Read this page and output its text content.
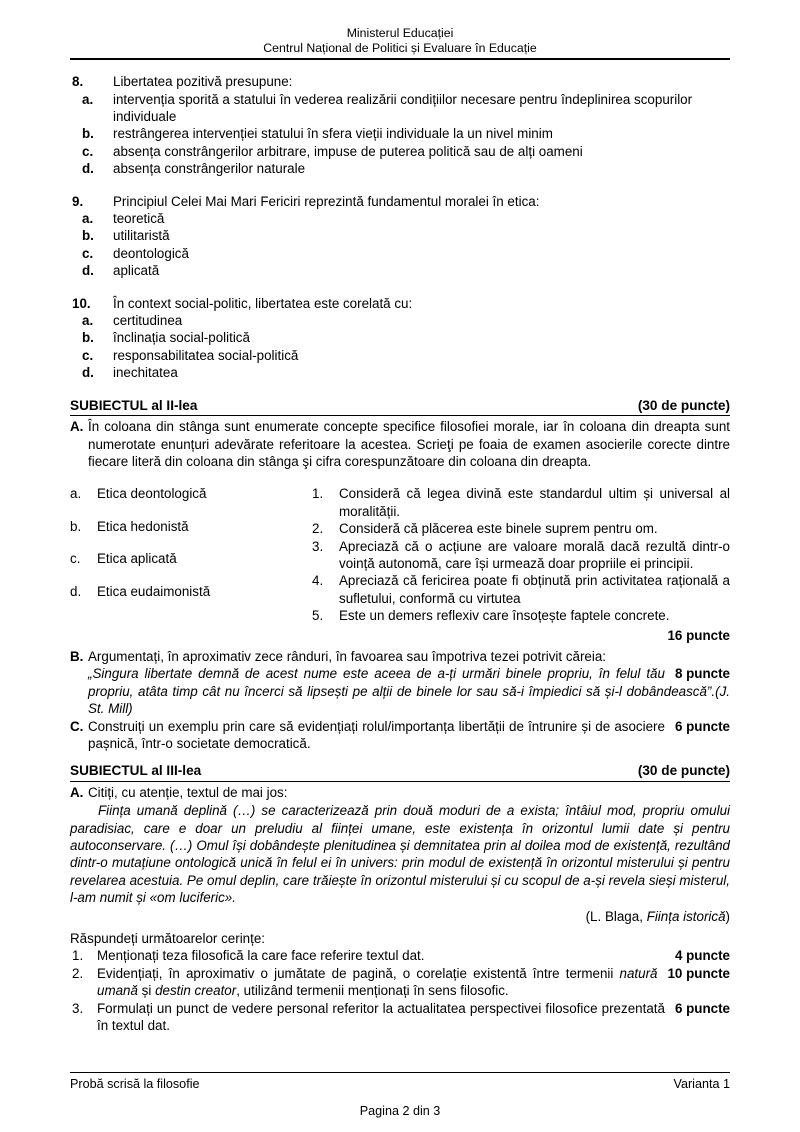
Ministerul Educației
Centrul Național de Politici și Evaluare în Educație
8. Libertatea pozitivă presupune:
a. intervenția sporită a statului în vederea realizării condițiilor necesare pentru îndeplinirea scopurilor individuale
b. restrângerea intervenției statului în sfera vieții individuale la un nivel minim
c. absența constrângerilor arbitrare, impuse de puterea politică sau de alți oameni
d. absența constrângerilor naturale
9. Principiul Celei Mai Mari Fericiri reprezintă fundamentul moralei în etica:
a. teoretică
b. utilitaristă
c. deontologică
d. aplicată
10. În context social-politic, libertatea este corelată cu:
a. certitudinea
b. înclinația social-politică
c. responsabilitatea social-politică
d. inechitatea
SUBIECTUL al II-lea	(30 de puncte)
A. În coloana din stânga sunt enumerate concepte specifice filosofiei morale, iar în coloana din dreapta sunt numerotate enunțuri adevărate referitoare la acestea. Scrieţi pe foaia de examen asocierile corecte dintre fiecare literă din coloana din stânga şi cifra corespunzătoare din coloana din dreapta.
a. Etica deontologică
b. Etica hedonistă
c. Etica aplicată
d. Etica eudaimonistă
1. Consideră că legea divină este standardul ultim și universal al moralității.
2. Consideră că plăcerea este binele suprem pentru om.
3. Apreciază că o acțiune are valoare morală dacă rezultă dintr-o voință autonomă, care își urmează doar propriile ei principii.
4. Apreciază că fericirea poate fi obținută prin activitatea rațională a sufletului, conformă cu virtutea
5. Este un demers reflexiv care însoțește faptele concrete.
16 puncte
B. Argumentați, în aproximativ zece rânduri, în favoarea sau împotriva tezei potrivit căreia:
8 puncte
„Singura libertate demnă de acest nume este aceea de a-ți urmări binele propriu, în felul tău propriu, atâta timp cât nu încerci să lipsești pe alții de binele lor sau să-i împiedici să și-l dobândească”.(J. St. Mill)
C.	6 puncte
Construiți un exemplu prin care să evidențiați rolul/importanța libertății de întrunire și de asociere pașnică, într-o societate democratică.
SUBIECTUL al III-lea	(30 de puncte)
A. Citiți, cu atenție, textul de mai jos:
Ființa umană deplină (…) se caracterizează prin două moduri de a exista; întâiul mod, propriu omului paradisiac, care e doar un preludiu al ființei umane, este existența în orizontul lumii date și pentru autoconservare. (…) Omul își dobândește plenitudinea și demnitatea prin al doilea mod de existență, rezultând dintr-o mutațiune ontologică unică în felul ei în univers: prin modul de existență în orizontul misterului și pentru revelarea acestuia. Pe omul deplin, care trăiește în orizontul misterului și cu scopul de a-și revela sieși misterul, l-am numit și «om luciferic».
(L. Blaga, Ființa istorică)
Răspundeți următoarelor cerințe:
1.	4 puncte
Menționați teza filosofică la care face referire textul dat.
2.	10 puncte
Evidențiați, în aproximativ o jumătate de pagină, o corelație existentă între termenii natură umană și destin creator, utilizând termenii menționați în sens filosofic.
3.	6 puncte
Formulați un punct de vedere personal referitor la actualitatea perspectivei filosofice prezentată în textul dat.
Probă scrisă la filosofie	Varianta 1
Pagina 2 din 3
